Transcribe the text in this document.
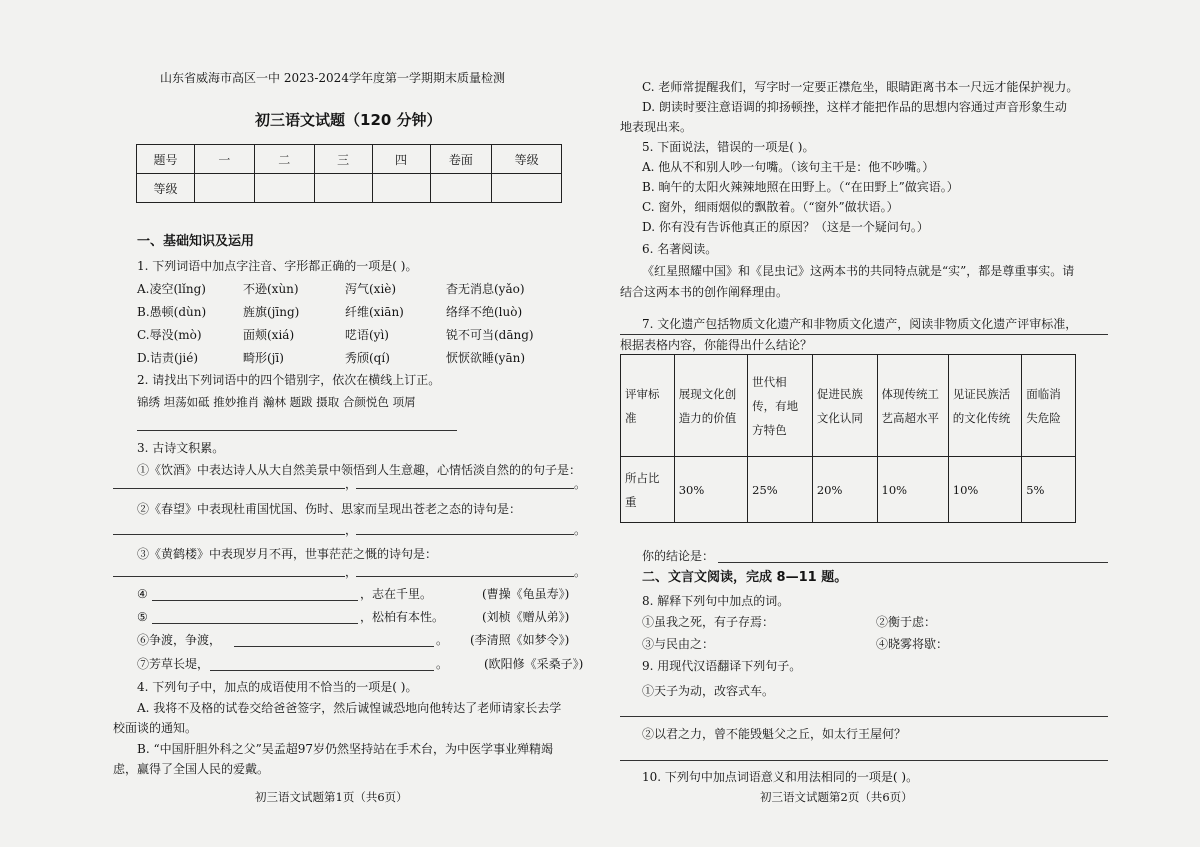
山东省威海市高区一中 2023-2024学年度第一学期期末质量检测
初三语文试题（120 分钟）
题号	一	二	三	四	卷面	等级
等级						
一、基础知识及运用
1. 下列词语中加点字注音、字形都正确的一项是( )。
A.凌空(lǐng)	不逊(xùn)	泻气(xiè)	杳无消息(yǎo)
B.愚顿(dùn)	旌旗(jīng)	纤维(xiān)	络绎不绝(luò)
C.辱没(mò)	面颊(xiá)	呓语(yì)	锐不可当(dāng)
D.诘责(jié)	畸形(jī)	秀颀(qí)	恹恹欲睡(yān)
2. 请找出下列词语中的四个错别字，依次在横线上订正。
锦绣 坦荡如砥 推妙推肖 瀚林 题跋 摄取 合颜悦色 项屑
3. 古诗文积累。
①《饮酒》中表达诗人从大自然美景中领悟到人生意趣，心情恬淡自然的的句子是：
，	。
②《春望》中表现杜甫国忧国、伤时、思家而呈现出苍老之态的诗句是：
，	。
③《黄鹤楼》中表现岁月不再，世事茫茫之慨的诗句是：
，	。
④	，志在千里。	(曹操《龟虽寿》)
⑤	，松柏有本性。	(刘桢《赠从弟》)
⑥争渡，争渡，	。 (李清照《如梦令》)
⑦芳草长堤，	。	(欧阳修《采桑子》)
4. 下列句子中，加点的成语使用不恰当的一项是( )。
A. 我将不及格的试卷交给爸爸签字，然后诚惶诚恐地向他转达了老师请家长去学
校面谈的通知。
B. “中国肝胆外科之父”吴孟超97岁仍然坚持站在手术台，为中医学事业殚精竭
虑，赢得了全国人民的爱戴。
初三语文试题第1页（共6页）
C. 老师常提醒我们，写字时一定要正襟危坐，眼睛距离书本一尺远才能保护视力。
D. 朗读时要注意语调的抑扬顿挫，这样才能把作品的思想内容通过声音形象生动
地表现出来。
5. 下面说法，错误的一项是( )。
A. 他从不和别人吵一句嘴。（该句主干是：他不吵嘴。）
B. 晌午的太阳火辣辣地照在田野上。（“在田野上”做宾语。）
C. 窗外，细雨烟似的飘散着。（“窗外”做状语。）
D. 你有没有告诉他真正的原因？（这是一个疑问句。）
6. 名著阅读。
《红星照耀中国》和《昆虫记》这两本书的共同特点就是“实”，都是尊重事实。请
结合这两本书的创作阐释理由。
7. 文化遗产包括物质文化遗产和非物质文化遗产，阅读非物质文化遗产评审标准，
根据表格内容，你能得出什么结论？
评审标准	展现文化创造力的价值	世代相传，有地方特色	促进民族文化认同	体现传统工艺高超水平	见证民族活的文化传统	面临消失危险
所占比重	30%	25%	20%	10%	10%	5%
你的结论是：
二、文言文阅读，完成 8—11 题。
8. 解释下列句中加点的词。
①虽我之死，有子存焉：	②衡于虑：
③与民由之：	④晓雾将歇：
9. 用现代汉语翻译下列句子。
①天子为动，改容式车。
②以君之力，曾不能毁魁父之丘，如太行王屋何？
10. 下列句中加点词语意义和用法相同的一项是( )。
初三语文试题第2页（共6页）
